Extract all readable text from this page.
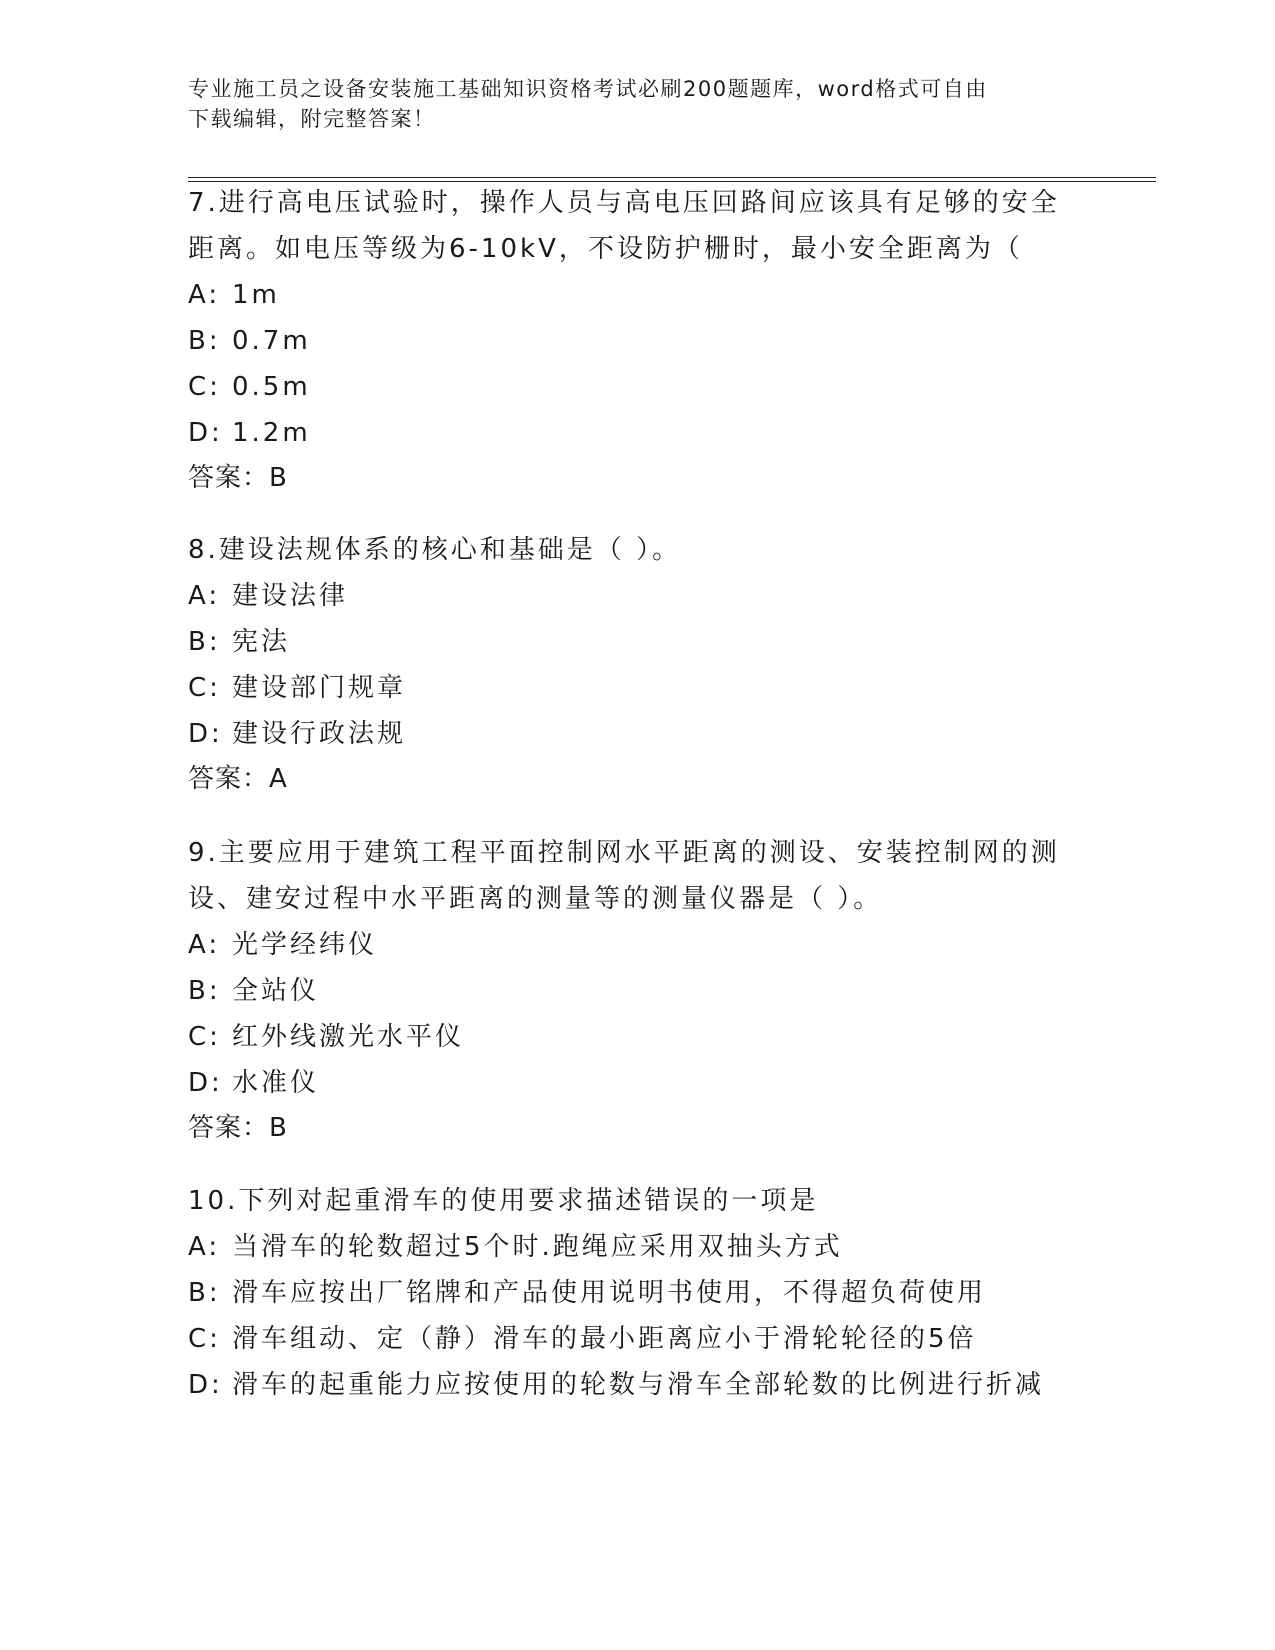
专业施工员之设备安装施工基础知识资格考试必刷200题题库，word格式可自由
下载编辑，附完整答案！

7.进行高电压试验时，操作人员与高电压回路间应该具有足够的安全

距离。如电压等级为6-10kV，不设防护栅时，最小安全距离为（

A: 1m

B: 0.7m

C: 0.5m

D: 1.2m

答案：B

8.建设法规体系的核心和基础是（ ）。

A: 建设法律

B: 宪法

C: 建设部门规章

D: 建设行政法规

答案：A

9.主要应用于建筑工程平面控制网水平距离的测设、安装控制网的测

设、建安过程中水平距离的测量等的测量仪器是（ ）。

A: 光学经纬仪

B: 全站仪

C: 红外线激光水平仪

D: 水准仪

答案：B

10.下列对起重滑车的使用要求描述错误的一项是

A: 当滑车的轮数超过5个时.跑绳应采用双抽头方式

B: 滑车应按出厂铭牌和产品使用说明书使用，不得超负荷使用

C: 滑车组动、定（静）滑车的最小距离应小于滑轮轮径的5倍

D: 滑车的起重能力应按使用的轮数与滑车全部轮数的比例进行折减
